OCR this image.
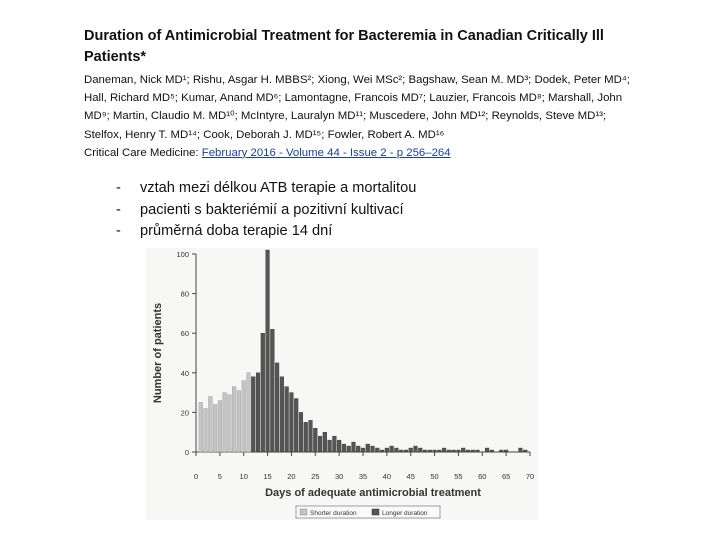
Duration of Antimicrobial Treatment for Bacteremia in Canadian Critically Ill Patients*
Daneman, Nick MD¹; Rishu, Asgar H. MBBS²; Xiong, Wei MSc²; Bagshaw, Sean M. MD³; Dodek, Peter MD⁴; Hall, Richard MD⁵; Kumar, Anand MD⁶; Lamontagne, Francois MD⁷; Lauzier, Francois MD⁸; Marshall, John MD⁹; Martin, Claudio M. MD¹⁰; McIntyre, Lauralyn MD¹¹; Muscedere, John MD¹²; Reynolds, Steve MD¹³; Stelfox, Henry T. MD¹⁴; Cook, Deborah J. MD¹⁵; Fowler, Robert A. MD¹⁶
Critical Care Medicine: February 2016 - Volume 44 - Issue 2 - p 256–264
-	vztah mezi délkou ATB terapie a mortalitou
-	pacienti s bakteriémií a pozitivní kultivací
-	průměrná doba terapie 14 dní
0
20
40
60
80
100
0	5 10 15 20 25 30 35 40 45 50 55 60 65 70
Number of patients
Days of adequate antimicrobial treatment
Shorter duration	Longer duration
